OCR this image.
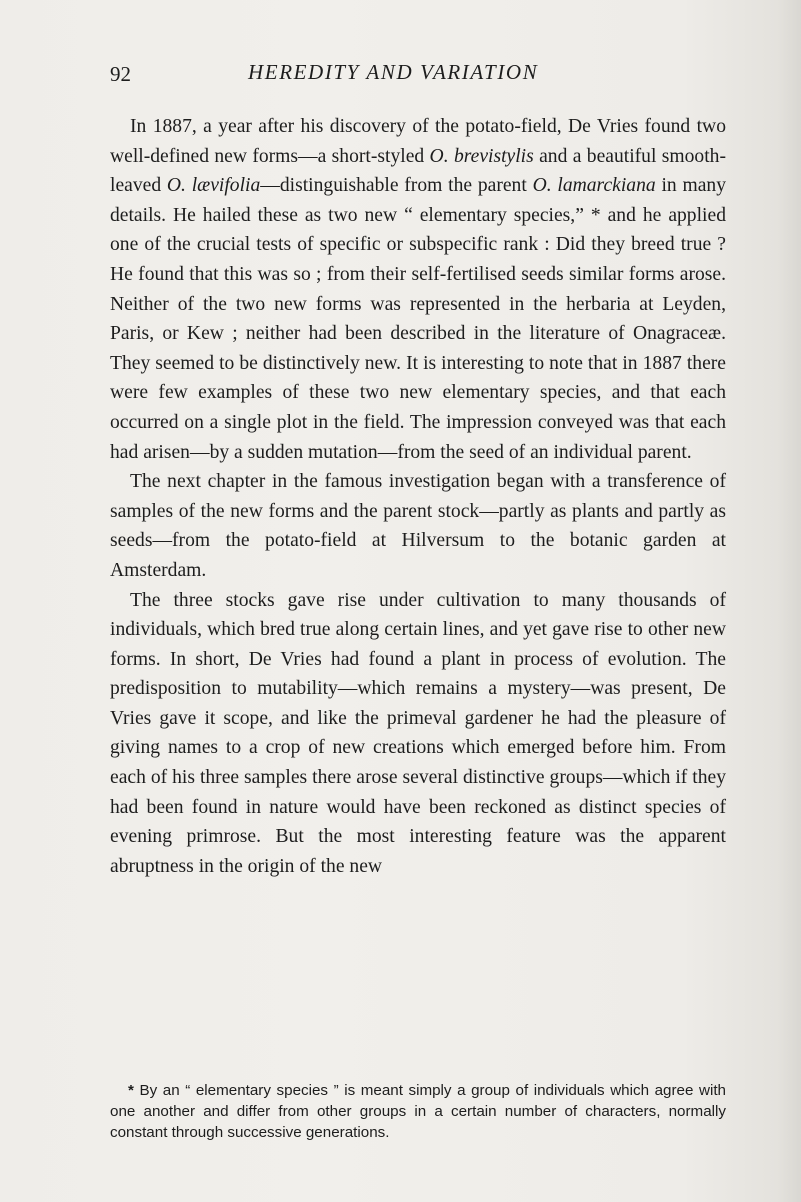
92	HEREDITY AND VARIATION

In 1887, a year after his discovery of the potato-field, De Vries found two well-defined new forms—a short-styled O. brevistylis and a beautiful smooth-leaved O. lævifolia—distinguishable from the parent O. lamarckiana in many details. He hailed these as two new “ elementary species,” * and he applied one of the crucial tests of specific or subspecific rank : Did they breed true ? He found that this was so ; from their self-fertilised seeds similar forms arose. Neither of the two new forms was represented in the herbaria at Leyden, Paris, or Kew ; neither had been described in the literature of Onagraceæ. They seemed to be distinctively new. It is interesting to note that in 1887 there were few examples of these two new elementary species, and that each occurred on a single plot in the field. The impression conveyed was that each had arisen—by a sudden mutation—from the seed of an individual parent.

The next chapter in the famous investigation began with a transference of samples of the new forms and the parent stock—partly as plants and partly as seeds—from the potato-field at Hilversum to the botanic garden at Amsterdam.

The three stocks gave rise under cultivation to many thousands of individuals, which bred true along certain lines, and yet gave rise to other new forms. In short, De Vries had found a plant in process of evolution. The predisposition to mutability—which remains a mystery—was present, De Vries gave it scope, and like the primeval gardener he had the pleasure of giving names to a crop of new creations which emerged before him. From each of his three samples there arose several distinctive groups—which if they had been found in nature would have been reckoned as distinct species of evening primrose. But the most interesting feature was the apparent abruptness in the origin of the new

* By an “ elementary species ” is meant simply a group of individuals which agree with one another and differ from other groups in a certain number of characters, normally constant through successive generations.
